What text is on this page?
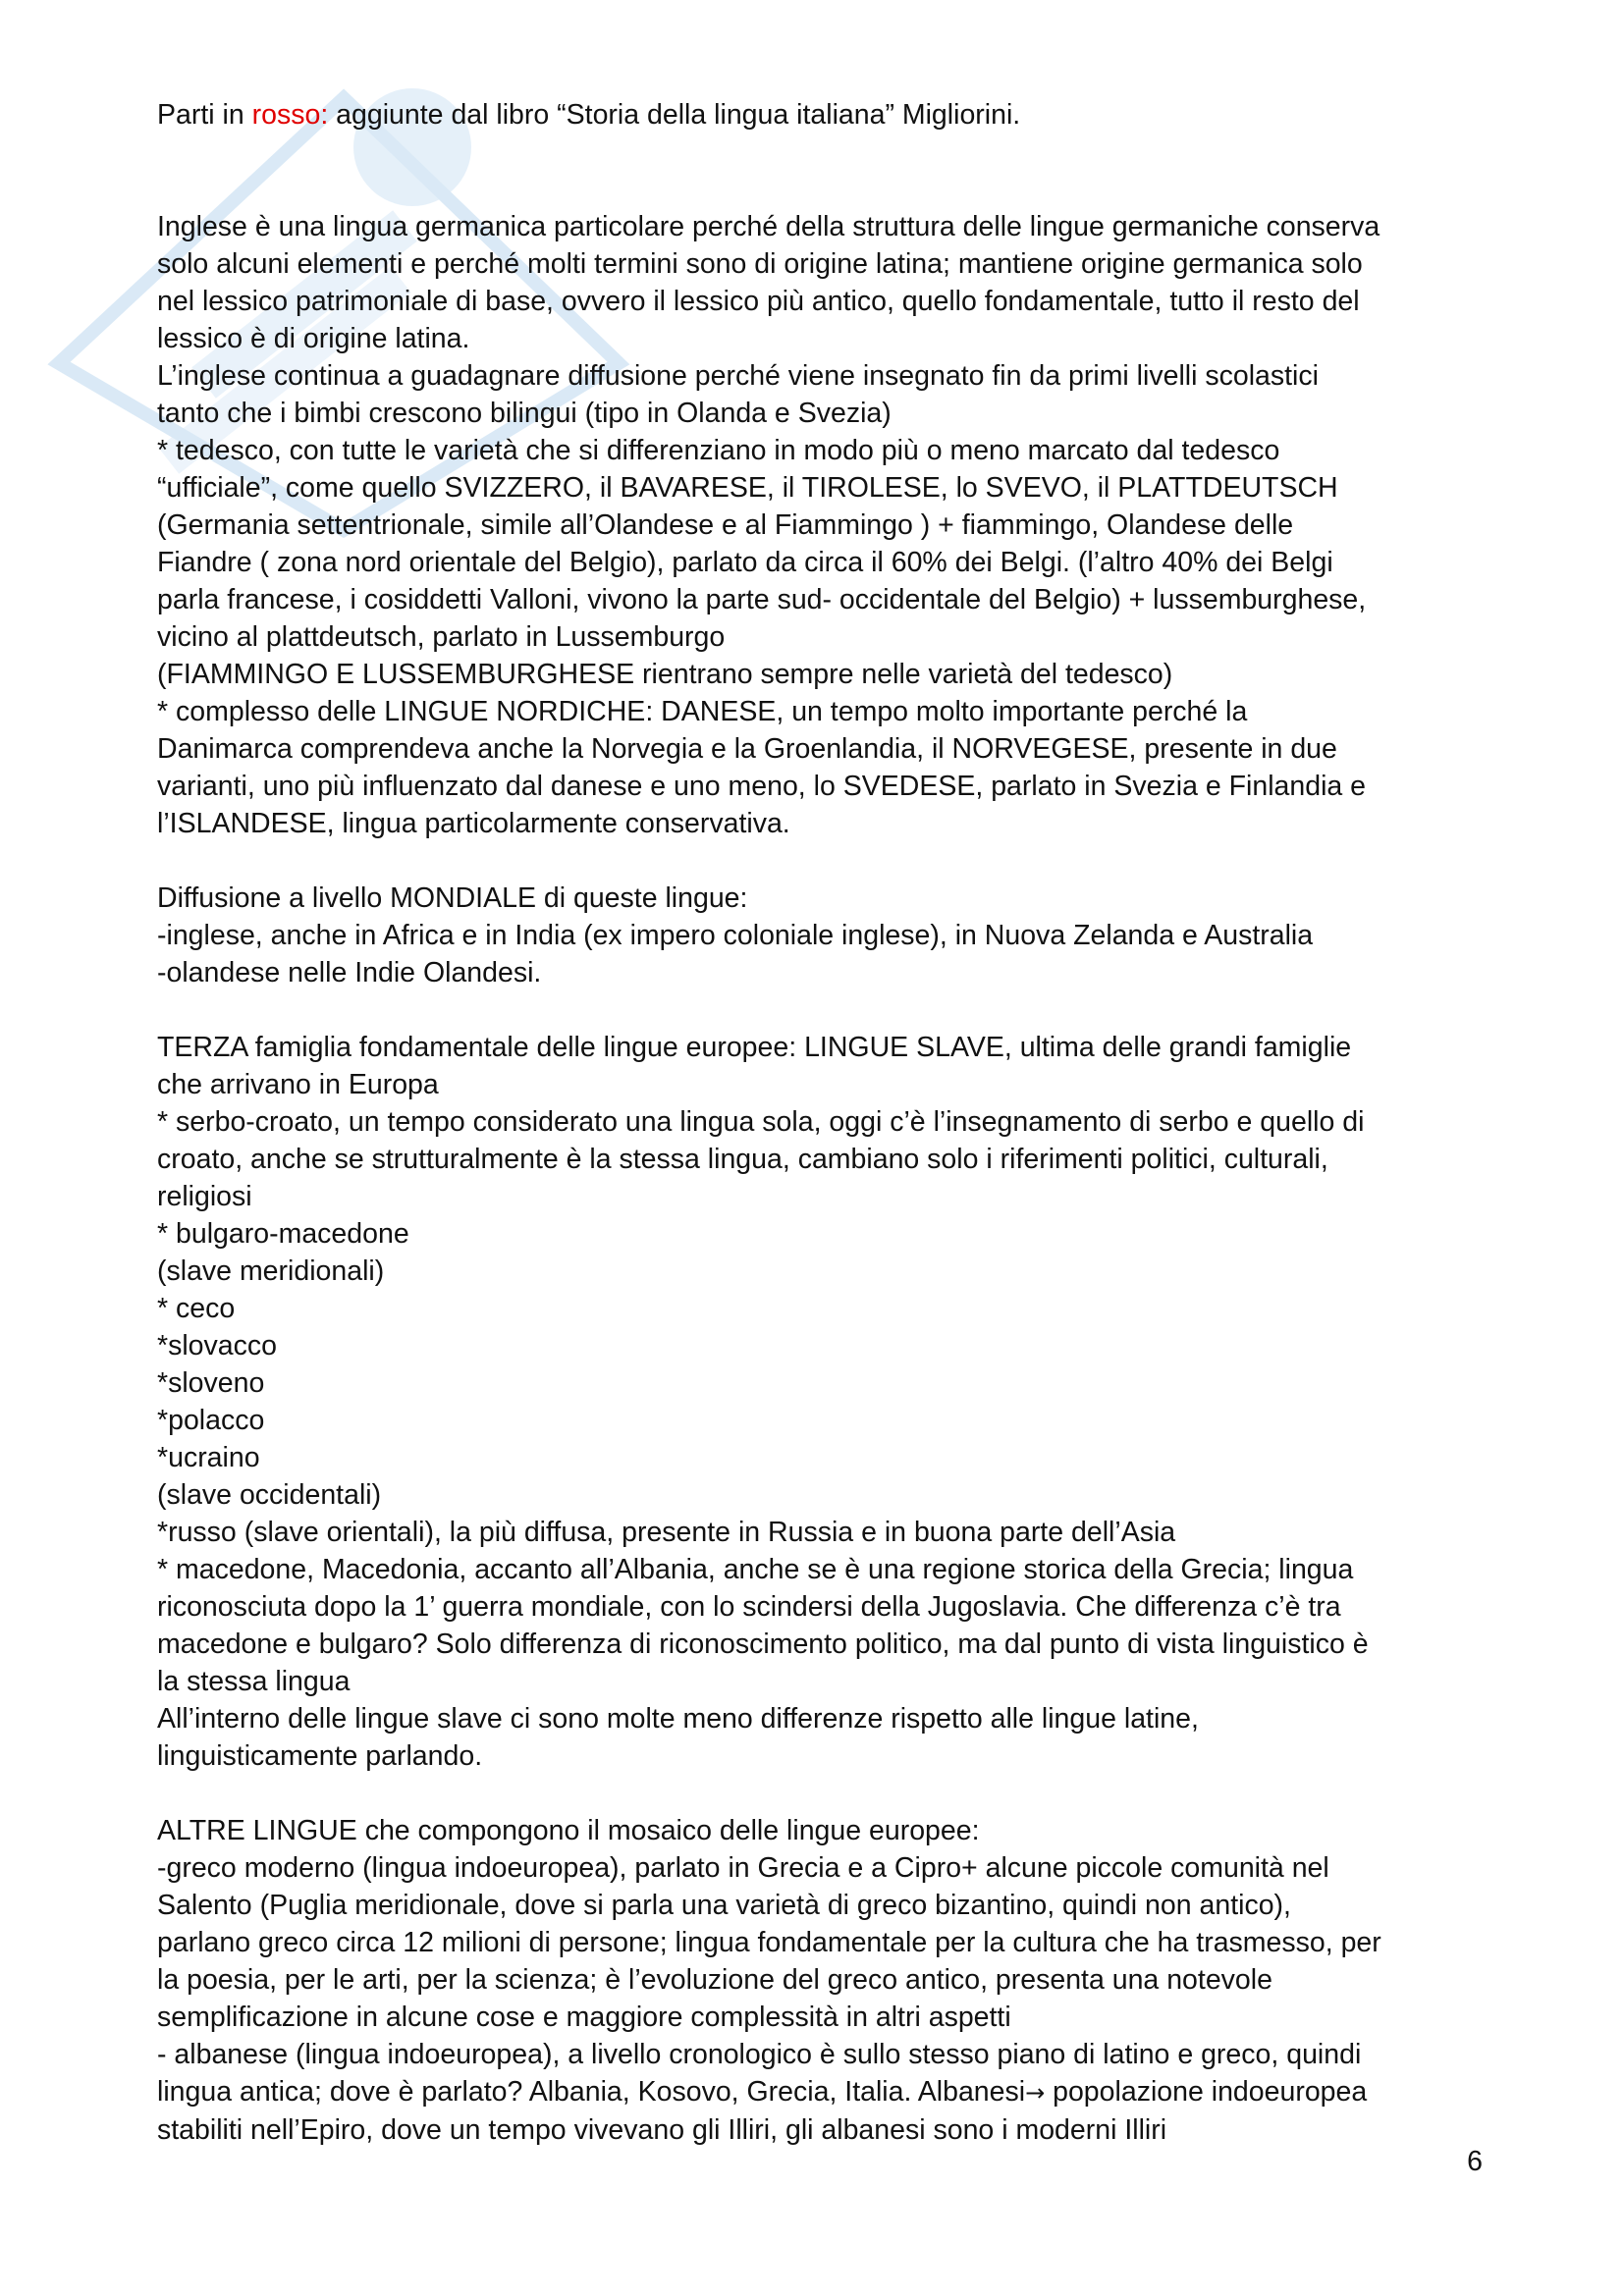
Parti in rosso: aggiunte dal libro “Storia della lingua italiana” Migliorini.

Inglese è una lingua germanica particolare perché della struttura delle lingue germaniche conserva

solo alcuni elementi e perché molti termini sono di origine latina; mantiene origine germanica solo

nel lessico patrimoniale di base, ovvero il lessico più antico, quello fondamentale, tutto il resto del

lessico è di origine latina.

L’inglese continua a guadagnare diffusione perché viene insegnato fin da primi livelli scolastici

tanto che i bimbi crescono bilingui (tipo in Olanda e Svezia)

* tedesco, con tutte le varietà che si differenziano in modo più o meno marcato dal tedesco

“ufficiale”, come quello SVIZZERO, il BAVARESE, il TIROLESE, lo SVEVO, il PLATTDEUTSCH

(Germania settentrionale, simile all’Olandese e al Fiammingo ) + fiammingo, Olandese delle

Fiandre ( zona nord orientale del Belgio), parlato da circa il 60% dei Belgi. (l’altro 40% dei Belgi

parla francese, i cosiddetti Valloni, vivono la parte sud- occidentale del Belgio) + lussemburghese,

vicino al plattdeutsch, parlato in Lussemburgo

(FIAMMINGO E LUSSEMBURGHESE rientrano sempre nelle varietà del tedesco)

* complesso delle LINGUE NORDICHE: DANESE, un tempo molto importante perché la

Danimarca comprendeva anche la Norvegia e la Groenlandia, il NORVEGESE, presente in due

varianti, uno più influenzato dal danese e uno meno, lo SVEDESE, parlato in Svezia e Finlandia e

l’ISLANDESE, lingua particolarmente conservativa.

Diffusione a livello MONDIALE di queste lingue:

-inglese, anche in Africa e in India (ex impero coloniale inglese), in Nuova Zelanda e Australia

-olandese nelle Indie Olandesi.

TERZA famiglia fondamentale delle lingue europee: LINGUE SLAVE, ultima delle grandi famiglie

che arrivano in Europa

* serbo-croato, un tempo considerato una lingua sola, oggi c’è l’insegnamento di serbo e quello di

croato, anche se strutturalmente è la stessa lingua, cambiano solo i riferimenti politici, culturali,

religiosi

* bulgaro-macedone

(slave meridionali)

* ceco

*slovacco

*sloveno

*polacco

*ucraino

(slave occidentali)

*russo (slave orientali), la più diffusa, presente in Russia e in buona parte dell’Asia

* macedone, Macedonia, accanto all’Albania, anche se è una regione storica della Grecia; lingua

riconosciuta dopo la 1’ guerra mondiale, con lo scindersi della Jugoslavia. Che differenza c’è tra

macedone e bulgaro? Solo differenza di riconoscimento politico, ma dal punto di vista linguistico è

la stessa lingua

All’interno delle lingue slave ci sono molte meno differenze rispetto alle lingue latine,

linguisticamente parlando.

ALTRE LINGUE che compongono il mosaico delle lingue europee:

-greco moderno (lingua indoeuropea), parlato in Grecia e a Cipro+ alcune piccole comunità nel

Salento (Puglia meridionale, dove si parla una varietà di greco bizantino, quindi non antico),

parlano greco circa 12 milioni di persone; lingua fondamentale per la cultura che ha trasmesso, per

la poesia, per le arti, per la scienza; è l’evoluzione del greco antico, presenta una notevole

semplificazione in alcune cose e maggiore complessità in altri aspetti

- albanese (lingua indoeuropea), a livello cronologico è sullo stesso piano di latino e greco, quindi

lingua antica; dove è parlato? Albania, Kosovo, Grecia, Italia. Albanesi→ popolazione indoeuropea

stabiliti nell’Epiro, dove un tempo vivevano gli Illiri, gli albanesi sono i moderni Illiri

6
